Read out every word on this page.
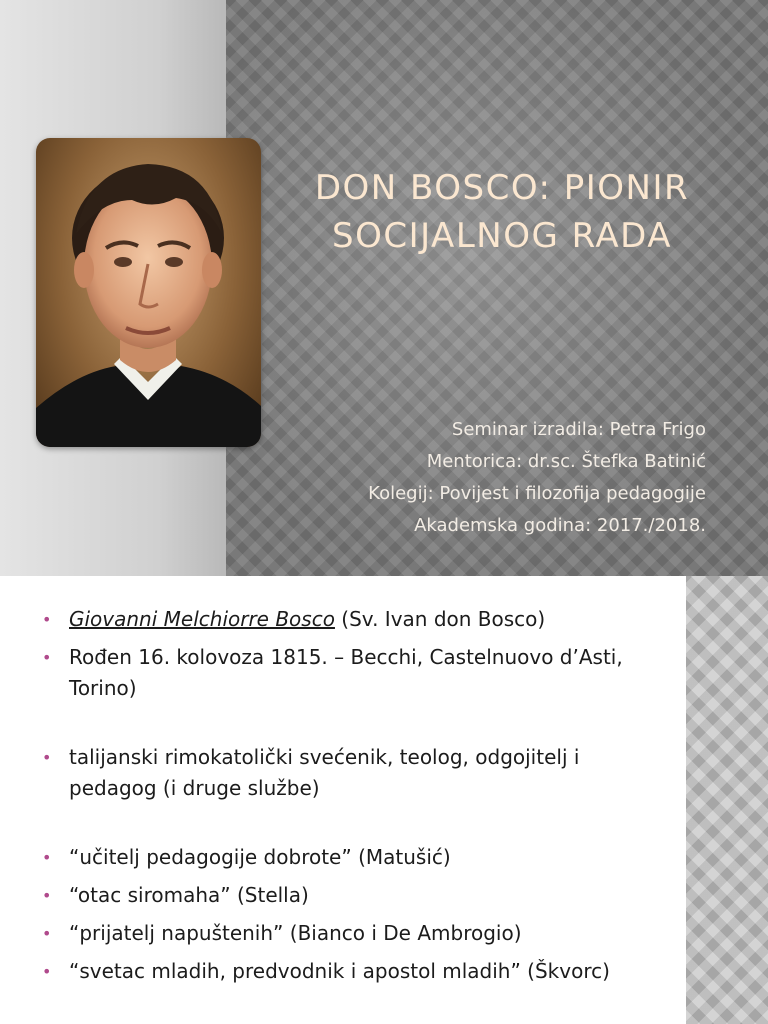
DON BOSCO: PIONIR
SOCIJALNOG RADA
Seminar izradila: Petra Frigo
Mentorica: dr.sc. Štefka Batinić
Kolegij: Povijest i filozofija pedagogije
Akademska godina: 2017./2018.
• Giovanni Melchiorre Bosco (Sv. Ivan don Bosco)
• Rođen 16. kolovoza 1815. – Becchi, Castelnuovo d’Asti, Torino)
• talijanski rimokatolički svećenik, teolog, odgojitelj i pedagog (i druge službe)
• “učitelj pedagogije dobrote” (Matušić)
• “otac siromaha” (Stella)
• “prijatelj napuštenih” (Bianco i De Ambrogio)
• “svetac mladih, predvodnik i apostol mladih” (Škvorc)
